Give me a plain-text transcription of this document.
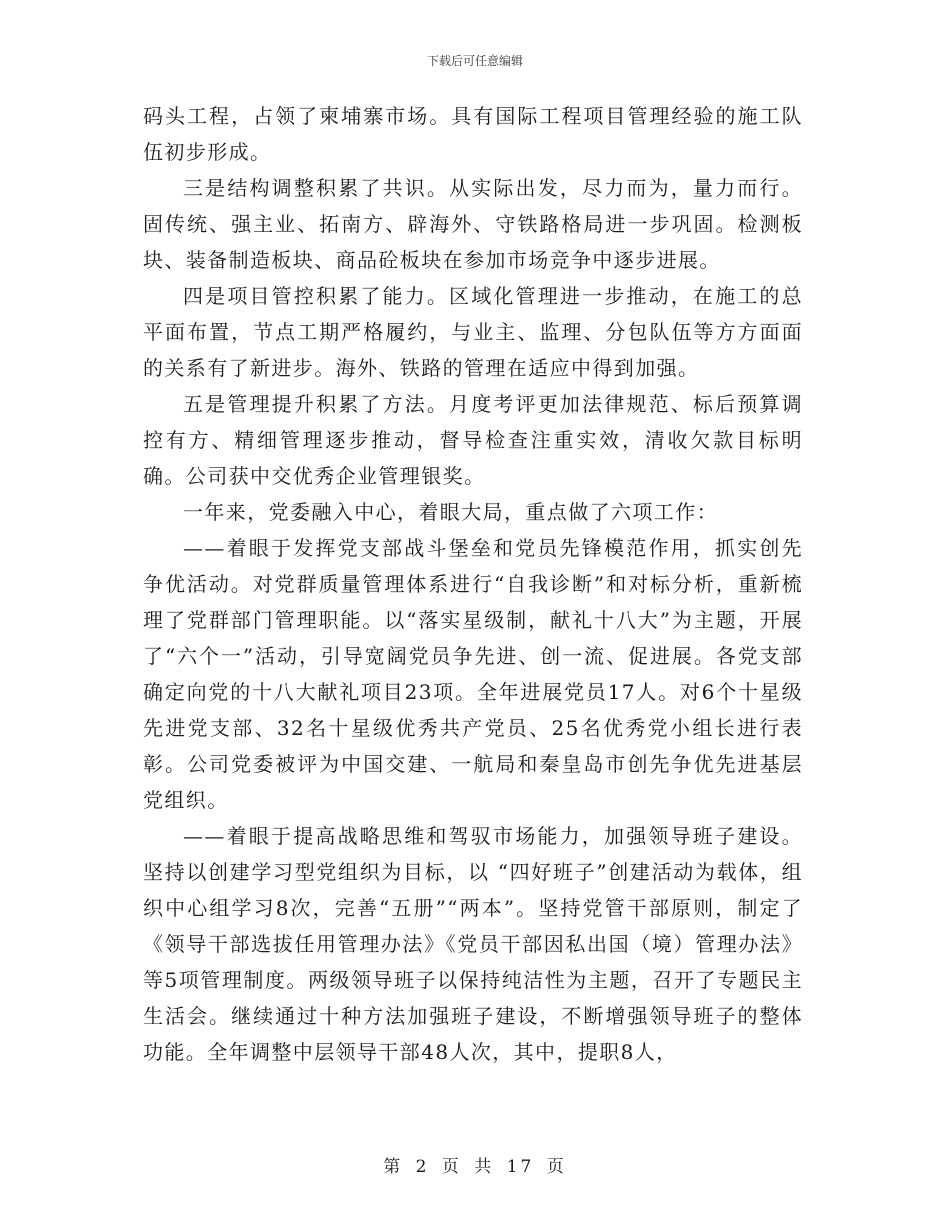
下载后可任意编辑

码头工程，占领了柬埔寨市场。具有国际工程项目管理经验的施工队伍初步形成。

三是结构调整积累了共识。从实际出发，尽力而为，量力而行。固传统、强主业、拓南方、辟海外、守铁路格局进一步巩固。检测板块、装备制造板块、商品砼板块在参加市场竞争中逐步进展。

四是项目管控积累了能力。区域化管理进一步推动，在施工的总平面布置，节点工期严格履约，与业主、监理、分包队伍等方方面面的关系有了新进步。海外、铁路的管理在适应中得到加强。

五是管理提升积累了方法。月度考评更加法律规范、标后预算调控有方、精细管理逐步推动，督导检查注重实效，清收欠款目标明确。公司获中交优秀企业管理银奖。

一年来，党委融入中心，着眼大局，重点做了六项工作：

——着眼于发挥党支部战斗堡垒和党员先锋模范作用，抓实创先争优活动。对党群质量管理体系进行“自我诊断”和对标分析，重新梳理了党群部门管理职能。以“落实星级制，献礼十八大”为主题，开展了“六个一”活动，引导宽阔党员争先进、创一流、促进展。各党支部确定向党的十八大献礼项目23项。全年进展党员17人。对6个十星级先进党支部、32名十星级优秀共产党员、25名优秀党小组长进行表彰。公司党委被评为中国交建、一航局和秦皇岛市创先争优先进基层党组织。

——着眼于提高战略思维和驾驭市场能力，加强领导班子建设。坚持以创建学习型党组织为目标，以 “四好班子”创建活动为载体，组织中心组学习8次，完善“五册”“两本”。坚持党管干部原则，制定了《领导干部选拔任用管理办法》《党员干部因私出国（境）管理办法》等5项管理制度。两级领导班子以保持纯洁性为主题，召开了专题民主生活会。继续通过十种方法加强班子建设，不断增强领导班子的整体功能。全年调整中层领导干部48人次，其中，提职8人，

第 2 页 共 17 页
